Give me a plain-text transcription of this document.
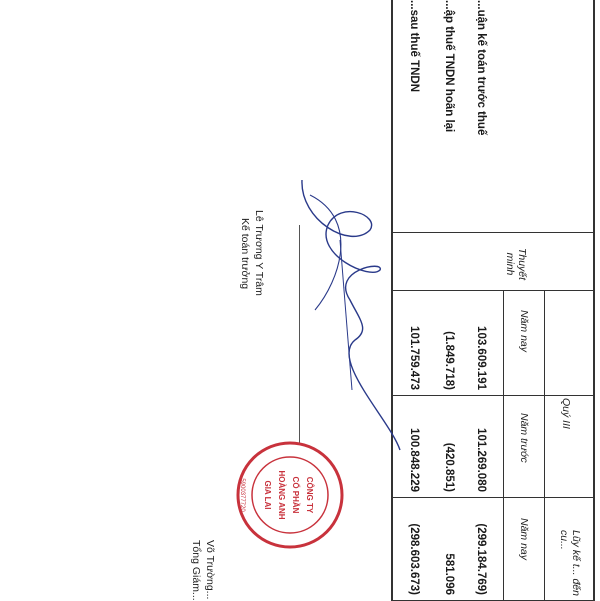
Thuyết minh
Quý III
Lũy kế t... đến cu...
Năm nay
Năm trước
Năm nay
...uận kế toán trước thuế
103.609.191
101.269.080
(299.184.769)
...ập thuế TNDN hoãn lại
(1.849.718)
(420.851)
581.096
...sau thuế TNDN
101.759.473
100.848.229
(298.603.673)
Lê Trương Y Trâm
Kế toán trưởng
CÔNG TY
CỔ PHẦN
HOÀNG ANH
GIA LAI
5900377720
Võ Trường...
Tổng Giám...
